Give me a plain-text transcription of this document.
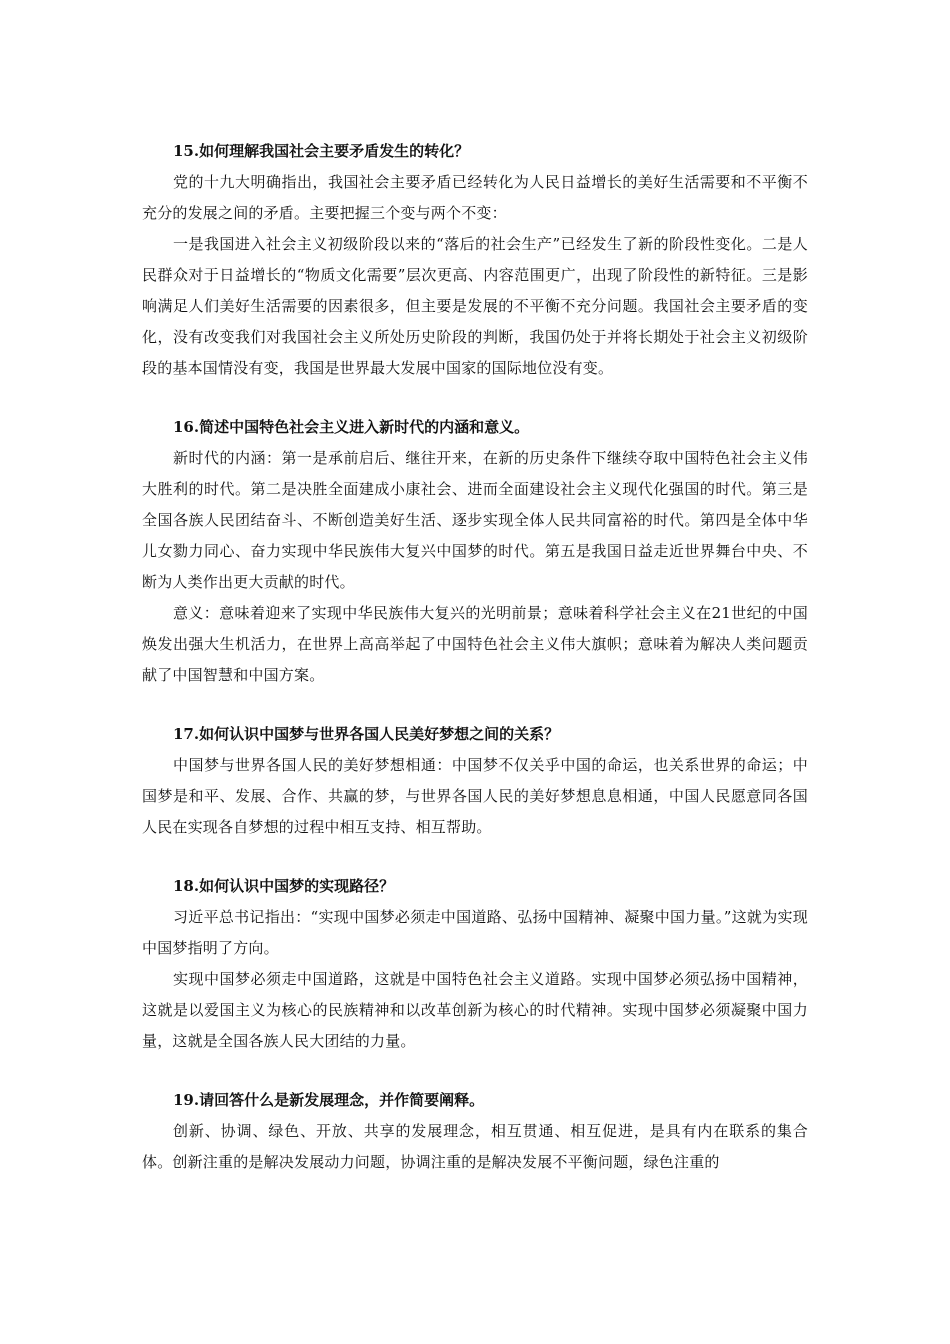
15.如何理解我国社会主要矛盾发生的转化？

党的十九大明确指出，我国社会主要矛盾已经转化为人民日益增长的美好生活需要和不平衡不充分的发展之间的矛盾。主要把握三个变与两个不变：

一是我国进入社会主义初级阶段以来的“落后的社会生产”已经发生了新的阶段性变化。二是人民群众对于日益增长的“物质文化需要”层次更高、内容范围更广，出现了阶段性的新特征。三是影响满足人们美好生活需要的因素很多，但主要是发展的不平衡不充分问题。我国社会主要矛盾的变化，没有改变我们对我国社会主义所处历史阶段的判断，我国仍处于并将长期处于社会主义初级阶段的基本国情没有变，我国是世界最大发展中国家的国际地位没有变。

16.简述中国特色社会主义进入新时代的内涵和意义。

新时代的内涵：第一是承前启后、继往开来，在新的历史条件下继续夺取中国特色社会主义伟大胜利的时代。第二是决胜全面建成小康社会、进而全面建设社会主义现代化强国的时代。第三是全国各族人民团结奋斗、不断创造美好生活、逐步实现全体人民共同富裕的时代。第四是全体中华儿女勠力同心、奋力实现中华民族伟大复兴中国梦的时代。第五是我国日益走近世界舞台中央、不断为人类作出更大贡献的时代。

意义：意味着迎来了实现中华民族伟大复兴的光明前景；意味着科学社会主义在21世纪的中国焕发出强大生机活力，在世界上高高举起了中国特色社会主义伟大旗帜；意味着为解决人类问题贡献了中国智慧和中国方案。

17.如何认识中国梦与世界各国人民美好梦想之间的关系？

中国梦与世界各国人民的美好梦想相通：中国梦不仅关乎中国的命运，也关系世界的命运；中国梦是和平、发展、合作、共赢的梦，与世界各国人民的美好梦想息息相通，中国人民愿意同各国人民在实现各自梦想的过程中相互支持、相互帮助。

18.如何认识中国梦的实现路径？

习近平总书记指出：“实现中国梦必须走中国道路、弘扬中国精神、凝聚中国力量。”这就为实现中国梦指明了方向。

实现中国梦必须走中国道路，这就是中国特色社会主义道路。实现中国梦必须弘扬中国精神，这就是以爱国主义为核心的民族精神和以改革创新为核心的时代精神。实现中国梦必须凝聚中国力量，这就是全国各族人民大团结的力量。

19.请回答什么是新发展理念，并作简要阐释。

创新、协调、绿色、开放、共享的发展理念，相互贯通、相互促进，是具有内在联系的集合体。创新注重的是解决发展动力问题，协调注重的是解决发展不平衡问题，绿色注重的
